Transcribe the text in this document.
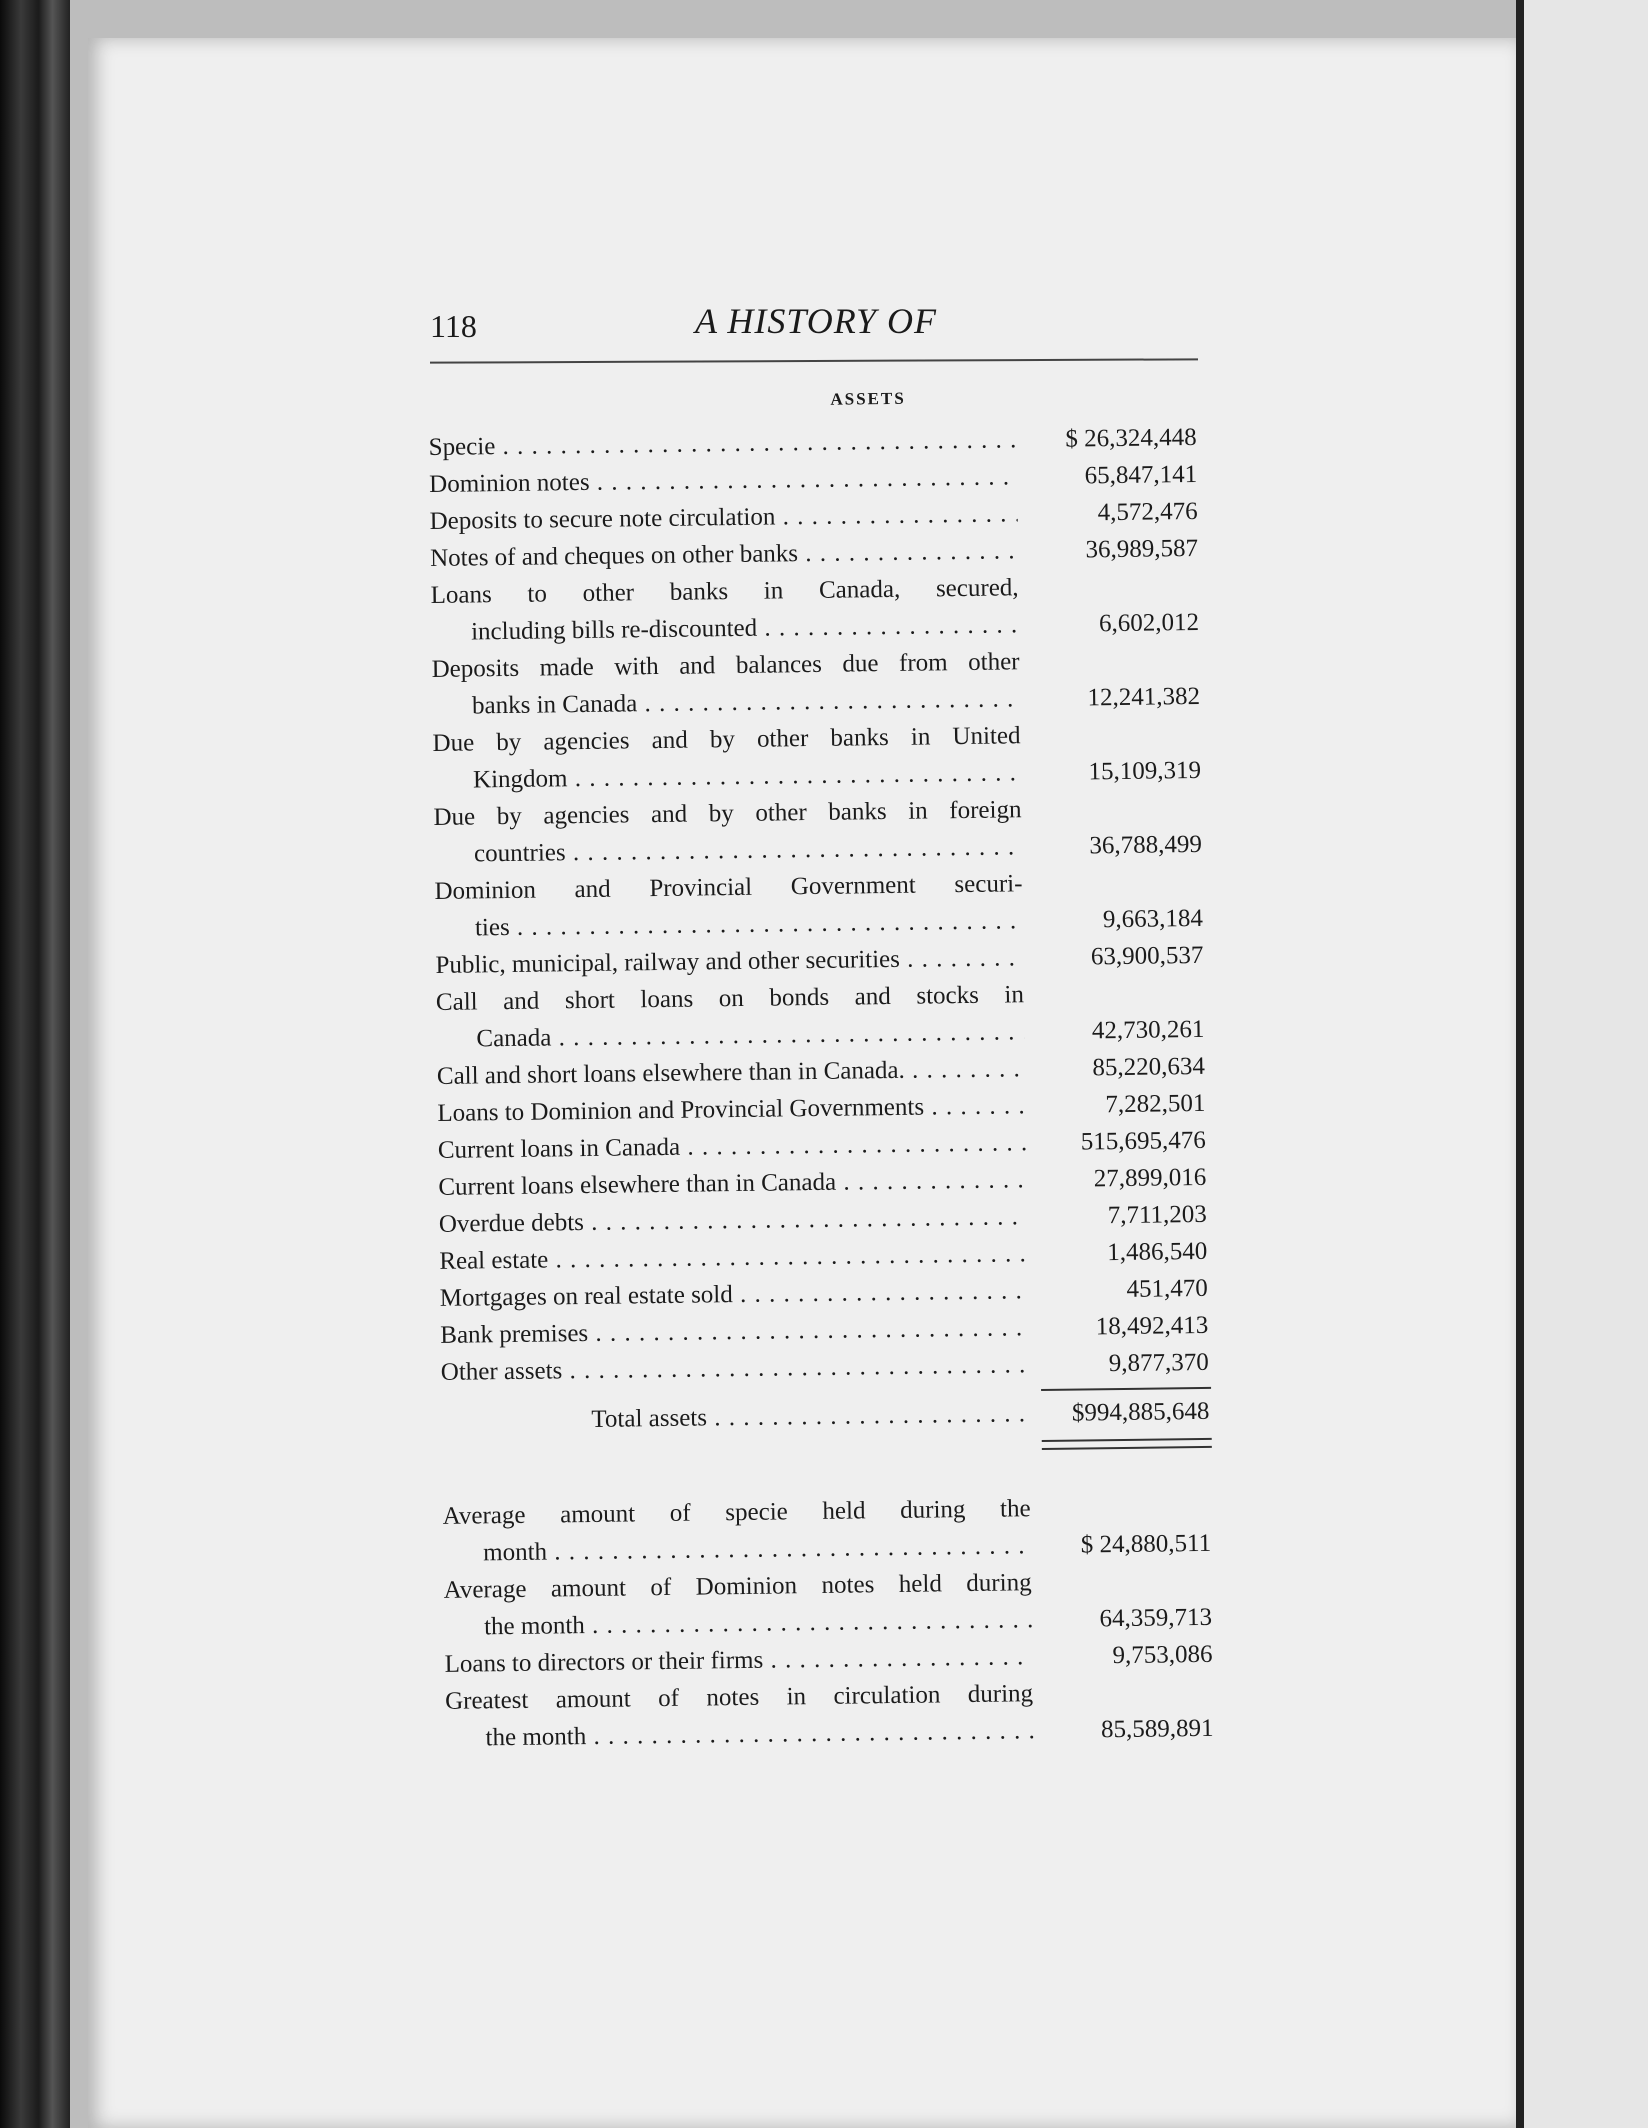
118	A HISTORY OF
ASSETS
Specie . . .	$ 26,324,448
Dominion notes . . .	65,847,141
Deposits to secure note circulation . . .	4,572,476
Notes of and cheques on other banks . . .	36,989,587
Loans to other banks in Canada, secured,
including bills re-discounted . . .	6,602,012
Deposits made with and balances due from other
banks in Canada . . .	12,241,382
Due by agencies and by other banks in United
Kingdom . . .	15,109,319
Due by agencies and by other banks in foreign
countries . . .	36,788,499
Dominion and Provincial Government securi-
ties . . .	9,663,184
Public, municipal, railway and other securities . . .	63,900,537
Call and short loans on bonds and stocks in
Canada . . .	42,730,261
Call and short loans elsewhere than in Canada. . . .	85,220,634
Loans to Dominion and Provincial Governments . . .	7,282,501
Current loans in Canada . . .	515,695,476
Current loans elsewhere than in Canada . . .	27,899,016
Overdue debts . . .	7,711,203
Real estate . . .	1,486,540
Mortgages on real estate sold . . .	451,470
Bank premises . . .	18,492,413
Other assets . . .	9,877,370
Total assets . . .	$994,885,648
Average amount of specie held during the
month . . .	$ 24,880,511
Average amount of Dominion notes held during
the month . . .	64,359,713
Loans to directors or their firms . . .	9,753,086
Greatest amount of notes in circulation during
the month . . .	85,589,891
